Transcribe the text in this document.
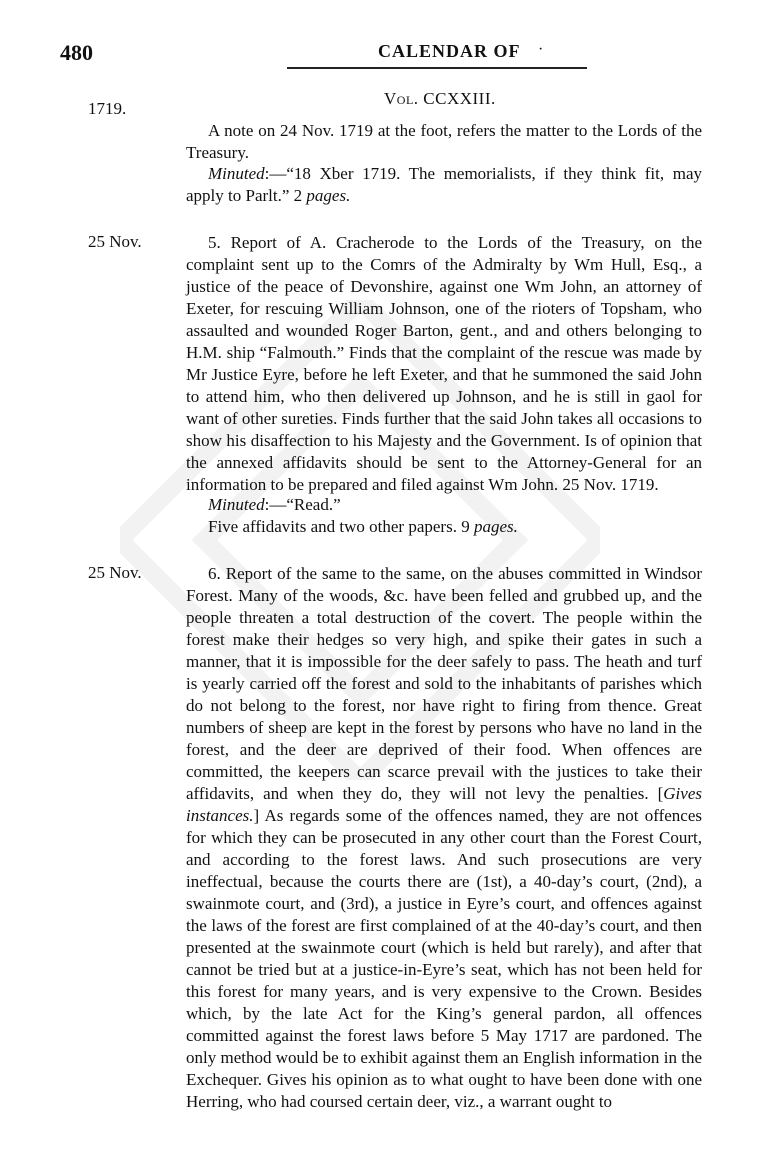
480	CALENDAR OF ·
Vol. CCXXIII.
1719.

A note on 24 Nov. 1719 at the foot, refers the matter to the Lords of the Treasury.

Minuted:—“18 Xber 1719. The memorialists, if they think fit, may apply to Parlt.” 2 pages.

25 Nov.	5. Report of A. Cracherode to the Lords of the Treasury, on the complaint sent up to the Comrs of the Admiralty by Wm Hull, Esq., a justice of the peace of Devonshire, against one Wm John, an attorney of Exeter, for rescuing William Johnson, one of the rioters of Topsham, who assaulted and wounded Roger Barton, gent., and and others belonging to H.M. ship “Falmouth.” Finds that the complaint of the rescue was made by Mr Justice Eyre, before he left Exeter, and that he summoned the said John to attend him, who then delivered up Johnson, and he is still in gaol for want of other sureties. Finds further that the said John takes all occasions to show his disaffection to his Majesty and the Government. Is of opinion that the annexed affidavits should be sent to the Attorney-General for an information to be prepared and filed against Wm John. 25 Nov. 1719.

Minuted:—“Read.”

Five affidavits and two other papers. 9 pages.

25 Nov.	6. Report of the same to the same, on the abuses committed in Windsor Forest. Many of the woods, &c. have been felled and grubbed up, and the people threaten a total destruction of the covert. The people within the forest make their hedges so very high, and spike their gates in such a manner, that it is impossible for the deer safely to pass. The heath and turf is yearly carried off the forest and sold to the inhabitants of parishes which do not belong to the forest, nor have right to firing from thence. Great numbers of sheep are kept in the forest by persons who have no land in the forest, and the deer are deprived of their food. When offences are committed, the keepers can scarce prevail with the justices to take their affidavits, and when they do, they will not levy the penalties. [Gives instances.] As regards some of the offences named, they are not offences for which they can be prosecuted in any other court than the Forest Court, and according to the forest laws. And such prosecutions are very ineffectual, because the courts there are (1st), a 40-day’s court, (2nd), a swainmote court, and (3rd), a justice in Eyre’s court, and offences against the laws of the forest are first complained of at the 40-day’s court, and then presented at the swainmote court (which is held but rarely), and after that cannot be tried but at a justice-in-Eyre’s seat, which has not been held for this forest for many years, and is very expensive to the Crown. Besides which, by the late Act for the King’s general pardon, all offences committed against the forest laws before 5 May 1717 are pardoned. The only method would be to exhibit against them an English information in the Exchequer. Gives his opinion as to what ought to have been done with one Herring, who had coursed certain deer, viz., a warrant ought to
